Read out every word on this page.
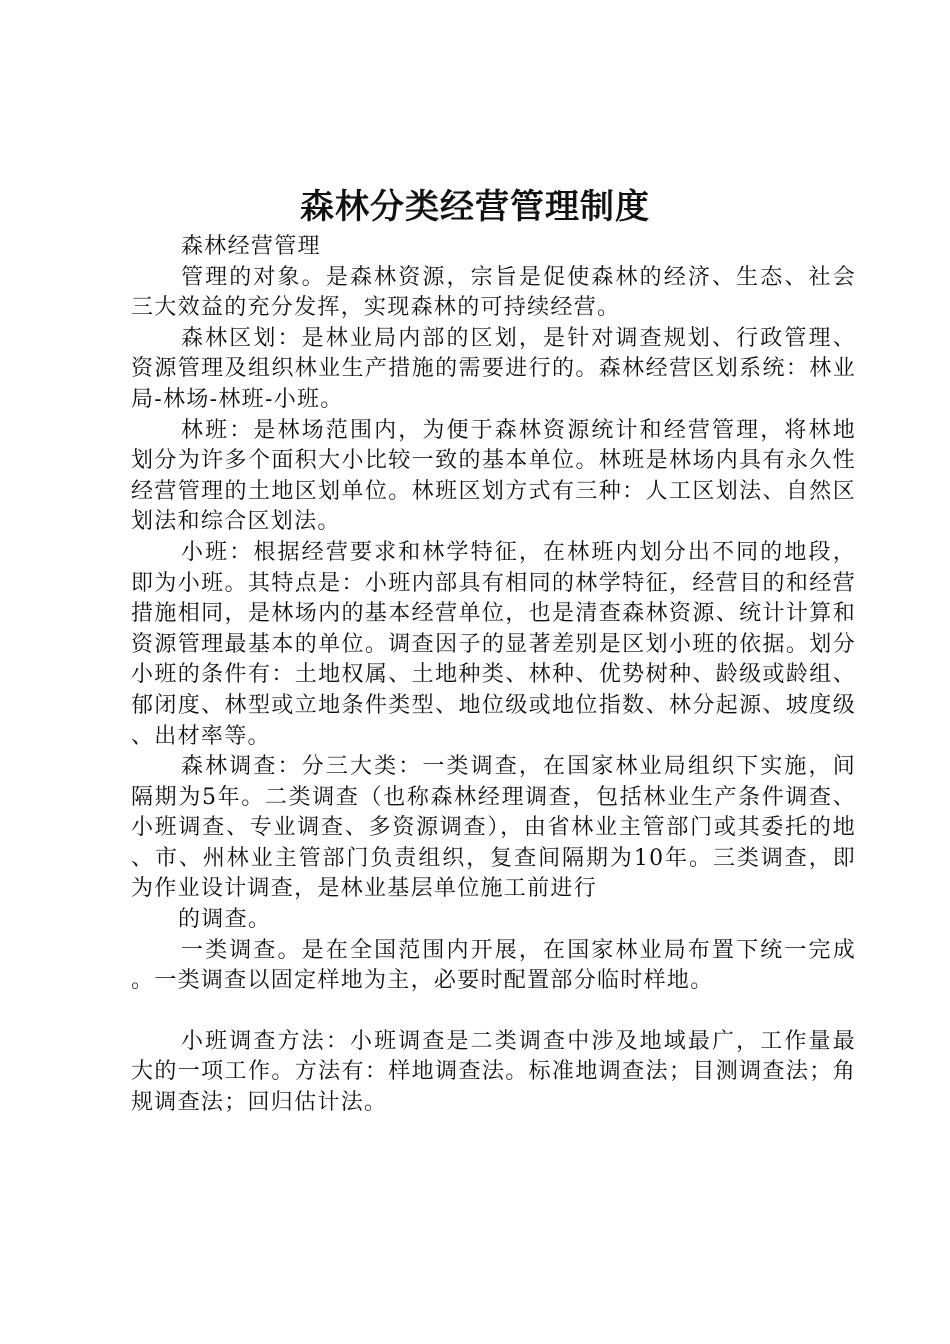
森林分类经营管理制度

森林经营管理

管理的对象。是森林资源，宗旨是促使森林的经济、生态、社会三大效益的充分发挥，实现森林的可持续经营。

森林区划：是林业局内部的区划，是针对调查规划、行政管理、资源管理及组织林业生产措施的需要进行的。森林经营区划系统：林业局-林场-林班-小班。

林班：是林场范围内，为便于森林资源统计和经营管理，将林地划分为许多个面积大小比较一致的基本单位。林班是林场内具有永久性经营管理的土地区划单位。林班区划方式有三种：人工区划法、自然区划法和综合区划法。

小班：根据经营要求和林学特征，在林班内划分出不同的地段，即为小班。其特点是：小班内部具有相同的林学特征，经营目的和经营措施相同，是林场内的基本经营单位，也是清查森林资源、统计计算和资源管理最基本的单位。调查因子的显著差别是区划小班的依据。划分小班的条件有：土地权属、土地种类、林种、优势树种、龄级或龄组、郁闭度、林型或立地条件类型、地位级或地位指数、林分起源、坡度级、出材率等。

森林调查：分三大类：一类调查，在国家林业局组织下实施，间隔期为5年。二类调查（也称森林经理调查，包括林业生产条件调查、小班调查、专业调查、多资源调查），由省林业主管部门或其委托的地、市、州林业主管部门负责组织，复查间隔期为10年。三类调查，即为作业设计调查，是林业基层单位施工前进行

的调查。

一类调查。是在全国范围内开展，在国家林业局布置下统一完成。一类调查以固定样地为主，必要时配置部分临时样地。

小班调查方法：小班调查是二类调查中涉及地域最广，工作量最大的一项工作。方法有：样地调查法。标准地调查法；目测调查法；角规调查法；回归估计法。
